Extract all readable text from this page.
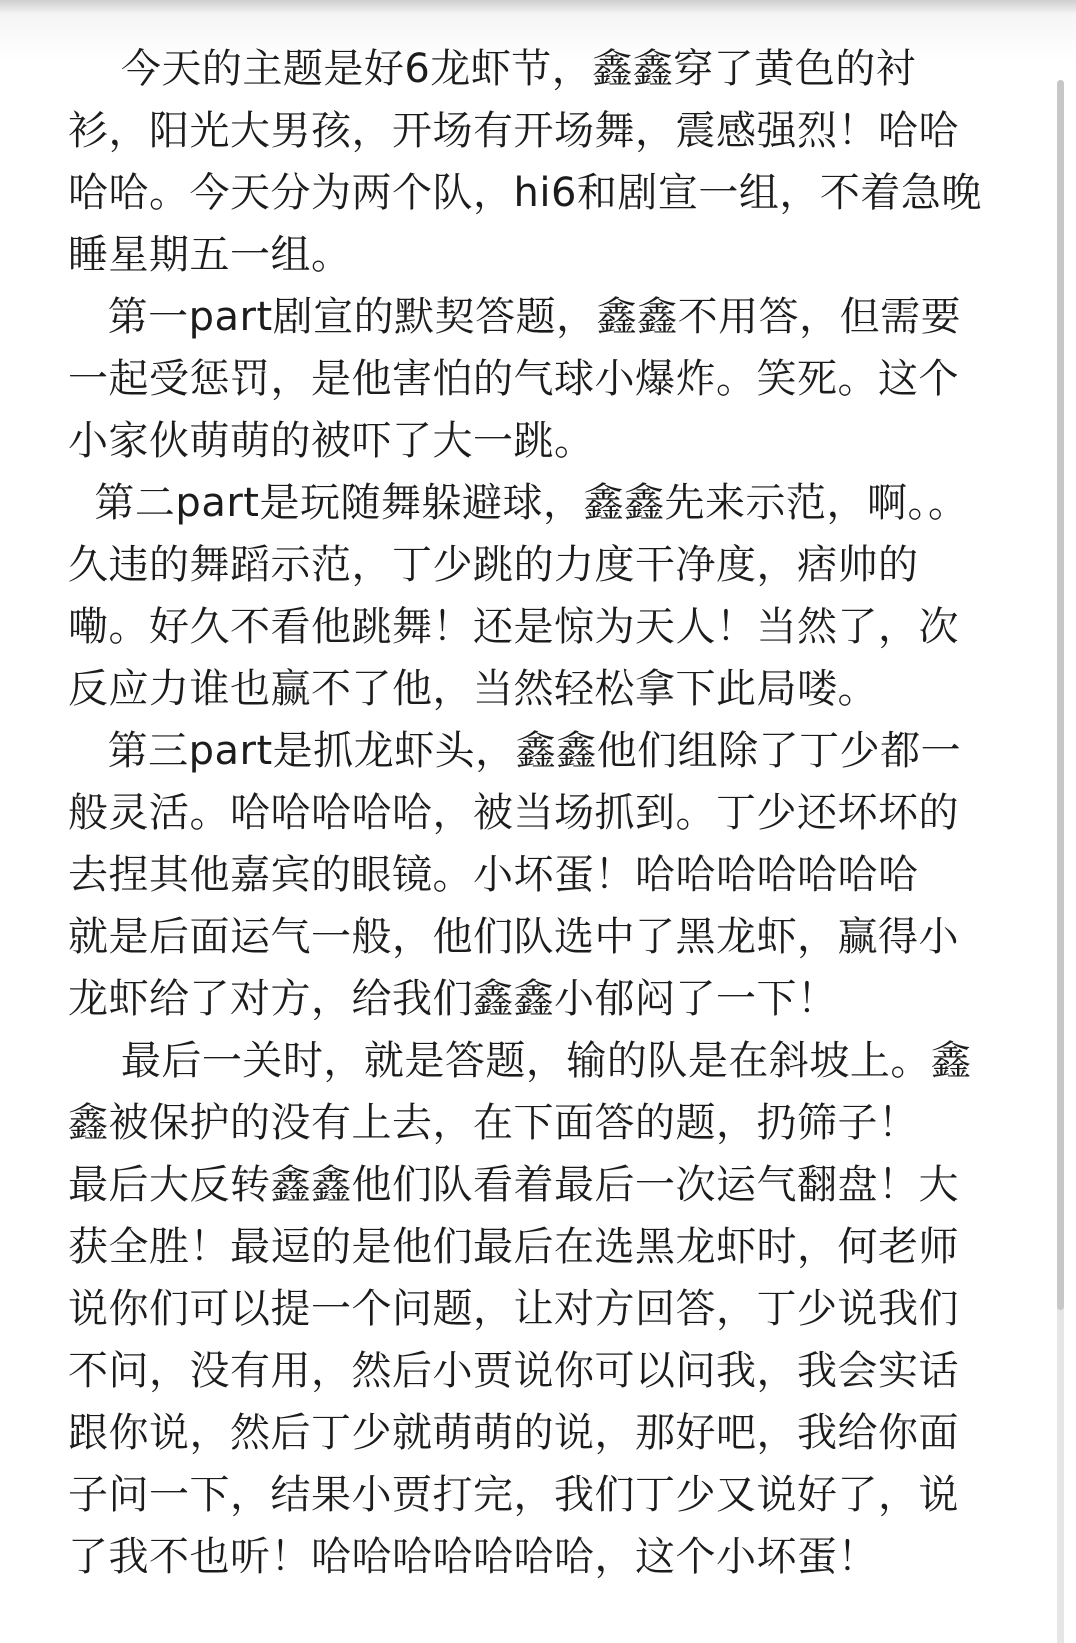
今天的主题是好6龙虾节，鑫鑫穿了黄色的衬
衫，阳光大男孩，开场有开场舞，震感强烈！哈哈
哈哈。今天分为两个队，hi6和剧宣一组，不着急晚
睡星期五一组。
第一part剧宣的默契答题，鑫鑫不用答，但需要
一起受惩罚，是他害怕的气球小爆炸。笑死。这个
小家伙萌萌的被吓了大一跳。
第二part是玩随舞躲避球，鑫鑫先来示范，啊。。
久违的舞蹈示范，丁少跳的力度干净度，痞帅的
嘞。好久不看他跳舞！还是惊为天人！当然了，次
反应力谁也赢不了他，当然轻松拿下此局喽。
第三part是抓龙虾头，鑫鑫他们组除了丁少都一
般灵活。哈哈哈哈哈，被当场抓到。丁少还坏坏的
去捏其他嘉宾的眼镜。小坏蛋！哈哈哈哈哈哈哈
就是后面运气一般，他们队选中了黑龙虾，赢得小
龙虾给了对方，给我们鑫鑫小郁闷了一下！
最后一关时，就是答题，输的队是在斜坡上。鑫
鑫被保护的没有上去，在下面答的题，扔筛子！
最后大反转鑫鑫他们队看着最后一次运气翻盘！大
获全胜！最逗的是他们最后在选黑龙虾时，何老师
说你们可以提一个问题，让对方回答，丁少说我们
不问，没有用，然后小贾说你可以问我，我会实话
跟你说，然后丁少就萌萌的说，那好吧，我给你面
子问一下，结果小贾打完，我们丁少又说好了，说
了我不也听！哈哈哈哈哈哈哈，这个小坏蛋！
